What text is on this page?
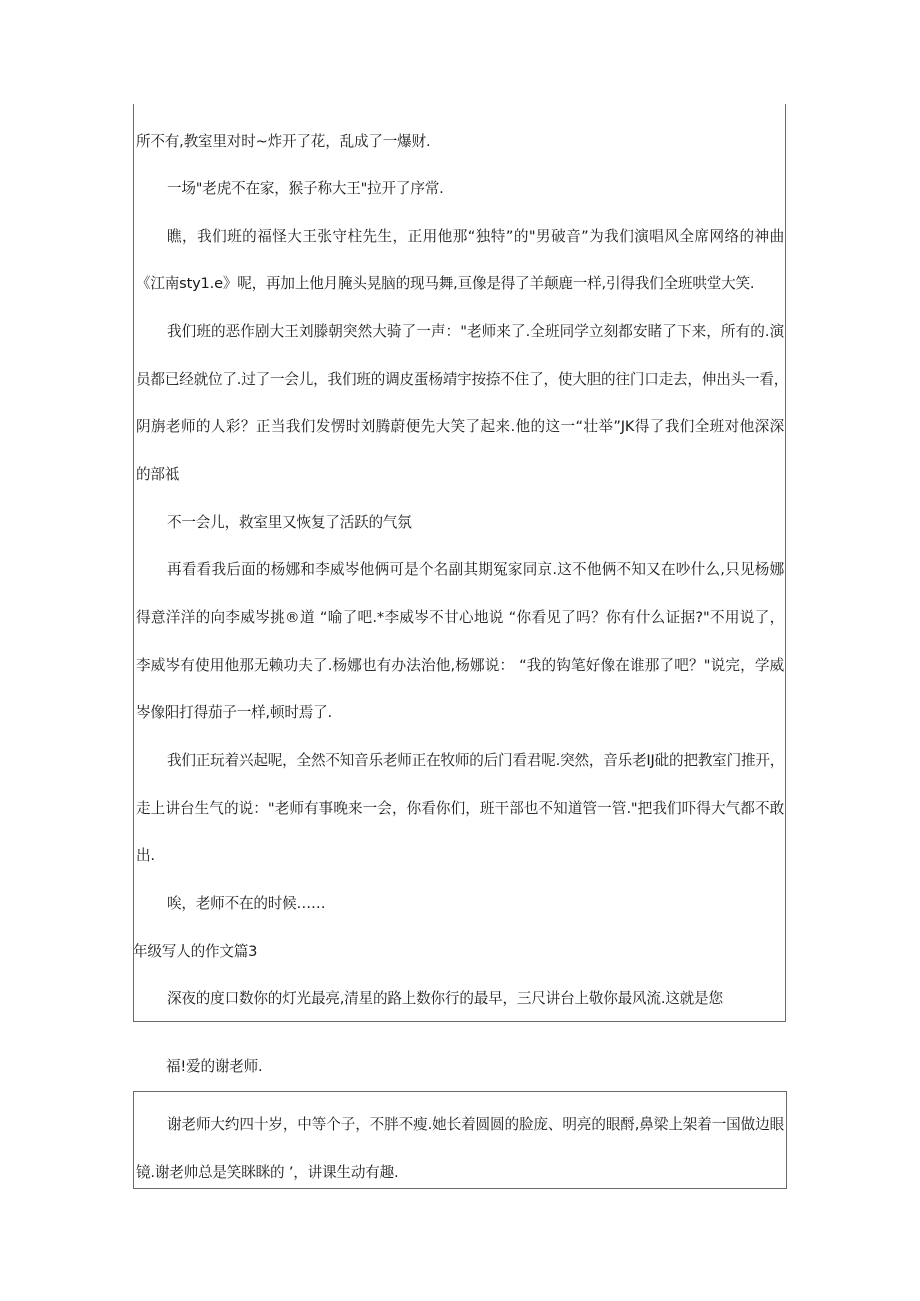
所不有,教室里对时~炸开了花，乱成了一爆财.

一场"老虎不在家，猴子称大王"拉开了序常.

瞧，我们班的福怪大王张守柱先生，正用他那“独特”的"男破音”为我们演唱风全席网络的神曲

《江南sty1.e》呢，再加上他月腌头晃脑的现马舞,亘像是得了羊颠鹿一样,引得我们全班哄堂大笑.

我们班的恶作剧大王刘滕朝突然大骑了一声："老师来了.全班同学立刻都安睹了下来，所有的.演

员都已经就位了.过了一会儿，我们班的调皮蛋杨靖宇按捺不住了，使大胆的往门口走去，伸出头一看，

阴旃老师的人彩？正当我们发愣时刘腾蔚便先大笑了起来.他的这一“壮举”JK得了我们全班对他深深

的部祗

不一会儿，救室里又恢复了活跃的气氛

再看看我后面的杨娜和李威岑他俩可是个名副其期冤家同京.这不他俩不知又在吵什么,只见杨娜

得意洋洋的向李威岑挑®道 “喻了吧.*李威岑不甘心地说 “你看见了吗？你有什么证据?"不用说了，

李威岑有使用他那无赖功夫了.杨娜也有办法治他,杨娜说： “我的钩笔好像在谁那了吧？"说完，学威

岑像阳打得茄子一样,顿时焉了.

我们正玩着兴起呢，全然不知音乐老师正在牧师的后门看君呢.突然，音乐老IJ砒的把教室门推开，

走上讲台生气的说："老师有事晚来一会，你看你们，班干部也不知道管一管."把我们吓得大气都不敢

出.

唉，老师不在的时候……

年级写人的作文篇3

深夜的度口数你的灯光最亮,清星的路上数你行的最早，三尺讲台上敬你最风流.这就是您

福!爱的谢老师.

谢老师大约四十岁，中等个子，不胖不瘦.她长着圆圆的脸庞、明亮的眼酹,鼻梁上架着一国做边眼

镜.谢老帅总是笑眯眯的 ’，讲课生动有趣.
